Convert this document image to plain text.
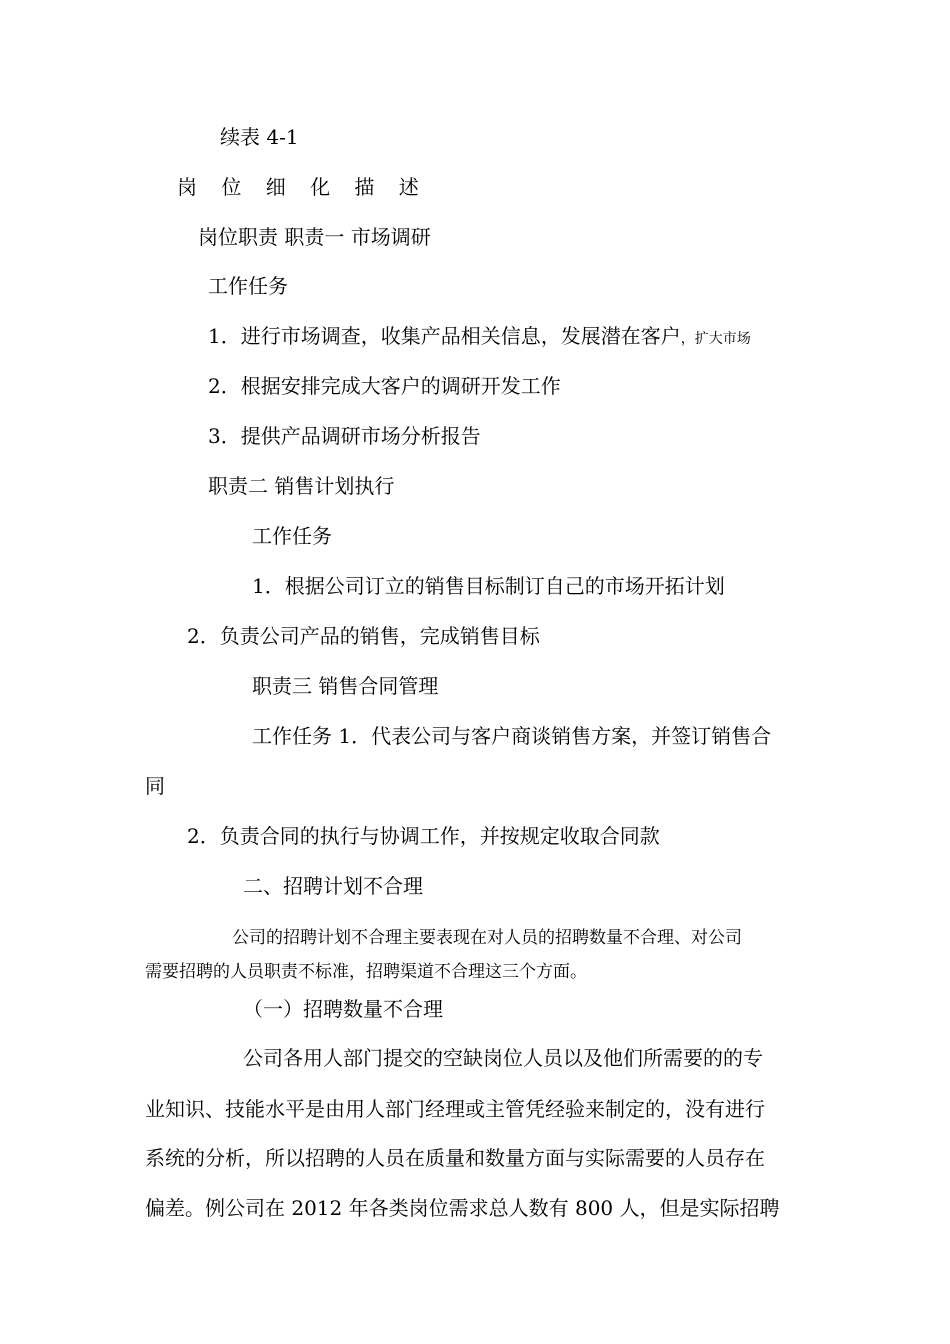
续表 4-1
岗 位 细 化 描 述
岗位职责 职责一 市场调研
工作任务
1．进行市场调查，收集产品相关信息，发展潜在客户，扩大市场
2．根据安排完成大客户的调研开发工作
3．提供产品调研市场分析报告
职责二 销售计划执行
工作任务
1．根据公司订立的销售目标制订自己的市场开拓计划
2．负责公司产品的销售，完成销售目标
职责三 销售合同管理
工作任务 1．代表公司与客户商谈销售方案，并签订销售合
同
2．负责合同的执行与协调工作，并按规定收取合同款
二、招聘计划不合理
公司的招聘计划不合理主要表现在对人员的招聘数量不合理、对公司
需要招聘的人员职责不标准，招聘渠道不合理这三个方面。
（一）招聘数量不合理
公司各用人部门提交的空缺岗位人员以及他们所需要的的专
业知识、技能水平是由用人部门经理或主管凭经验来制定的，没有进行
系统的分析，所以招聘的人员在质量和数量方面与实际需要的人员存在
偏差。例公司在 2012 年各类岗位需求总人数有 800 人，但是实际招聘
